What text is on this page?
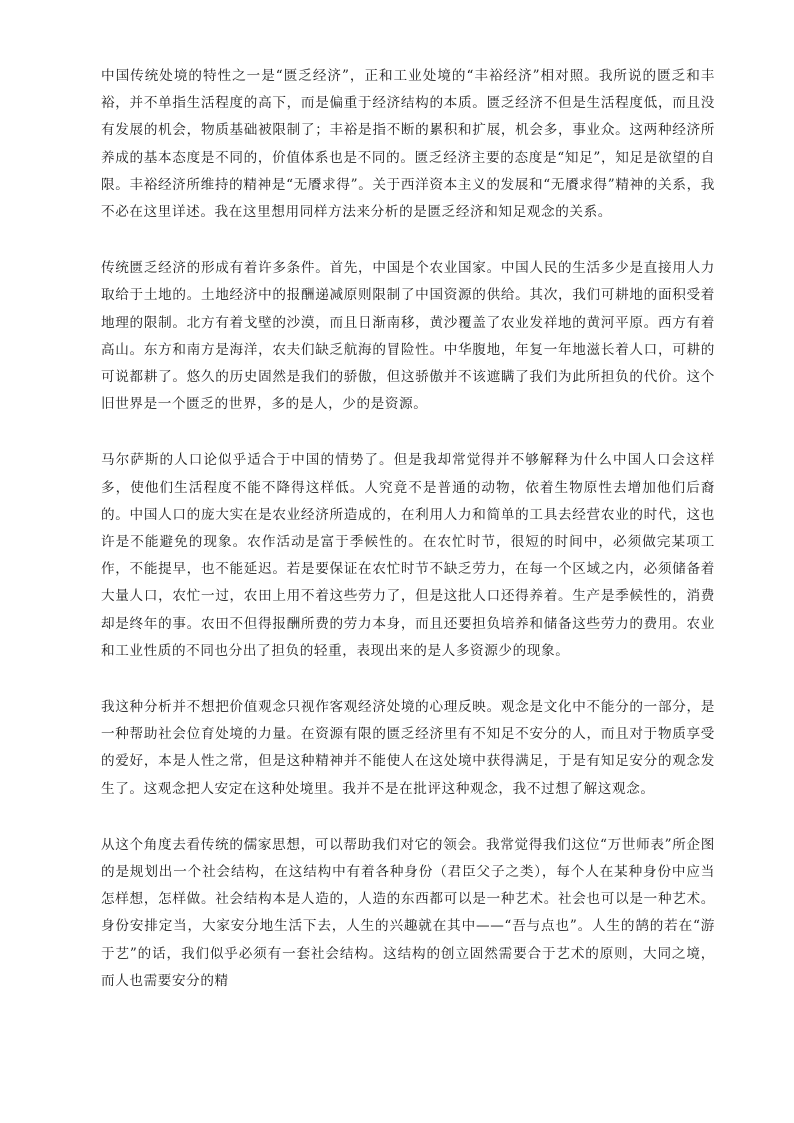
中国传统处境的特性之一是“匮乏经济”，正和工业处境的“丰裕经济”相对照。我所说的匮乏和丰裕，并不单指生活程度的高下，而是偏重于经济结构的本质。匮乏经济不但是生活程度低，而且没有发展的机会，物质基础被限制了；丰裕是指不断的累积和扩展，机会多，事业众。这两种经济所养成的基本态度是不同的，价值体系也是不同的。匮乏经济主要的态度是“知足”，知足是欲望的自限。丰裕经济所维持的精神是“无餍求得”。关于西洋资本主义的发展和“无餍求得”精神的关系，我不必在这里详述。我在这里想用同样方法来分析的是匮乏经济和知足观念的关系。

传统匮乏经济的形成有着许多条件。首先，中国是个农业国家。中国人民的生活多少是直接用人力取给于土地的。土地经济中的报酬递减原则限制了中国资源的供给。其次，我们可耕地的面积受着地理的限制。北方有着戈壁的沙漠，而且日渐南移，黄沙覆盖了农业发祥地的黄河平原。西方有着高山。东方和南方是海洋，农夫们缺乏航海的冒险性。中华腹地，年复一年地滋长着人口，可耕的可说都耕了。悠久的历史固然是我们的骄傲，但这骄傲并不该遮瞒了我们为此所担负的代价。这个旧世界是一个匮乏的世界，多的是人，少的是资源。

马尔萨斯的人口论似乎适合于中国的情势了。但是我却常觉得并不够解释为什么中国人口会这样多，使他们生活程度不能不降得这样低。人究竟不是普通的动物，依着生物原性去增加他们后裔的。中国人口的庞大实在是农业经济所造成的，在利用人力和简单的工具去经营农业的时代，这也许是不能避免的现象。农作活动是富于季候性的。在农忙时节，很短的时间中，必须做完某项工作，不能提早，也不能延迟。若是要保证在农忙时节不缺乏劳力，在每一个区域之内，必须储备着大量人口，农忙一过，农田上用不着这些劳力了，但是这批人口还得养着。生产是季候性的，消费却是终年的事。农田不但得报酬所费的劳力本身，而且还要担负培养和储备这些劳力的费用。农业和工业性质的不同也分出了担负的轻重，表现出来的是人多资源少的现象。

我这种分析并不想把价值观念只视作客观经济处境的心理反映。观念是文化中不能分的一部分，是一种帮助社会位育处境的力量。在资源有限的匮乏经济里有不知足不安分的人，而且对于物质享受的爱好，本是人性之常，但是这种精神并不能使人在这处境中获得满足，于是有知足安分的观念发生了。这观念把人安定在这种处境里。我并不是在批评这种观念，我不过想了解这观念。

从这个角度去看传统的儒家思想，可以帮助我们对它的领会。我常觉得我们这位“万世师表”所企图的是规划出一个社会结构，在这结构中有着各种身份（君臣父子之类），每个人在某种身份中应当怎样想，怎样做。社会结构本是人造的，人造的东西都可以是一种艺术。社会也可以是一种艺术。身份安排定当，大家安分地生活下去，人生的兴趣就在其中——“吾与点也”。人生的鹄的若在“游于艺”的话，我们似乎必须有一套社会结构。这结构的创立固然需要合于艺术的原则，大同之境，而人也需要安分的精
